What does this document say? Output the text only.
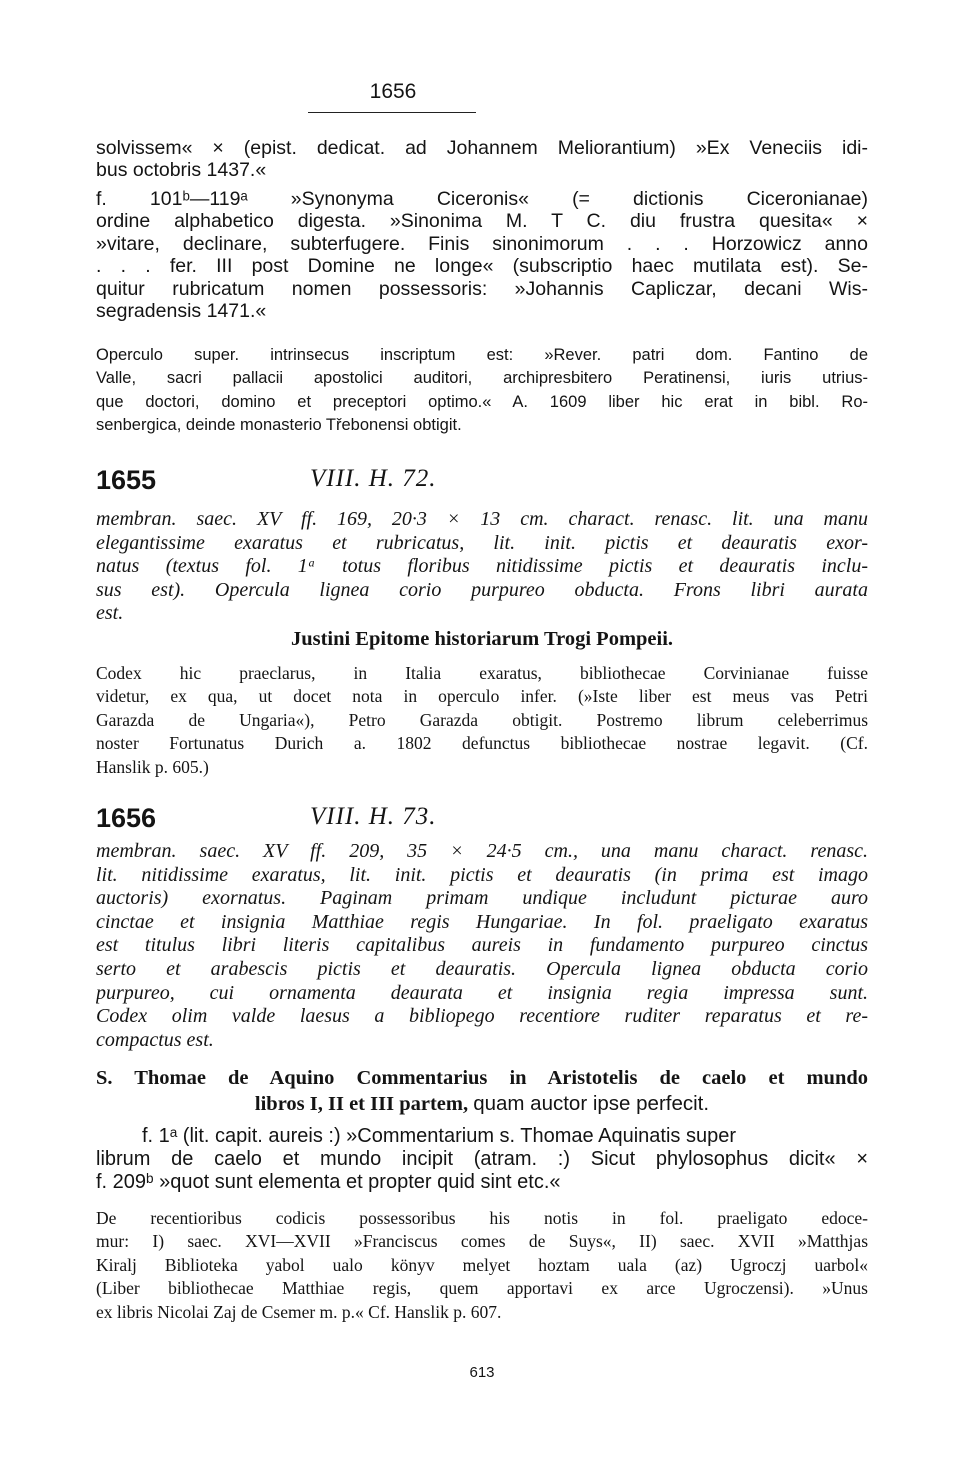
1656
solvissem« × (epist. dedicat. ad Johannem Meliorantium) »Ex Veneciis idi-
bus octobris 1437.«
f. 101ᵇ—119ᵃ »Synonyma Ciceronis« (= dictionis Ciceronianae)
ordine alphabetico digesta. »Sinonima M. T C. diu frustra quesita« ×
»vitare, declinare, subterfugere. Finis sinonimorum . . . Horzowicz anno
. . . fer. III post Domine ne longe« (subscriptio haec mutilata est). Se-
quitur rubricatum nomen possessoris: »Johannis Capliczar, decani Wis-
segradensis 1471.«
Operculo super. intrinsecus inscriptum est: »Rever. patri dom. Fantino de
Valle, sacri pallacii apostolici auditori, archipresbitero Peratinensi, iuris utrius-
que doctori, domino et preceptori optimo.« A. 1609 liber hic erat in bibl. Ro-
senbergica, deinde monasterio Třebonensi obtigit.
1655	VIII. H. 72.
membran. saec. XV ff. 169, 20·3 × 13 cm. charact. renasc. lit. una manu
elegantissime exaratus et rubricatus, lit. init. pictis et deauratis exor-
natus (textus fol. 1ᵃ totus floribus nitidissime pictis et deauratis inclu-
sus est). Opercula lignea corio purpureo obducta. Frons libri aurata
est.
Justini Epitome historiarum Trogi Pompeii.
Codex hic praeclarus, in Italia exaratus, bibliothecae Corvinianae fuisse
videtur, ex qua, ut docet nota in operculo infer. (»Iste liber est meus vas Petri
Garazda de Ungaria«), Petro Garazda obtigit. Postremo librum celeberrimus
noster Fortunatus Durich a. 1802 defunctus bibliothecae nostrae legavit. (Cf.
Hanslik p. 605.)
1656	VIII. H. 73.
membran. saec. XV ff. 209, 35 × 24·5 cm., una manu charact. renasc.
lit. nitidissime exaratus, lit. init. pictis et deauratis (in prima est imago
auctoris) exornatus. Paginam primam undique includunt picturae auro
cinctae et insignia Matthiae regis Hungariae. In fol. praeligato exaratus
est titulus libri literis capitalibus aureis in fundamento purpureo cinctus
serto et arabescis pictis et deauratis. Opercula lignea obducta corio
purpureo, cui ornamenta deaurata et insignia regia impressa sunt.
Codex olim valde laesus a bibliopego recentiore ruditer reparatus et re-
compactus est.
S. Thomae de Aquino Commentarius in Aristotelis de caelo et mundo
libros I, II et III partem, quam auctor ipse perfecit.
f. 1ᵃ (lit. capit. aureis :) »Commentarium s. Thomae Aquinatis super
librum de caelo et mundo incipit (atram. :) Sicut phylosophus dicit« ×
f. 209ᵇ »quot sunt elementa et propter quid sint etc.«
De recentioribus codicis possessoribus his notis in fol. praeligato edoce-
mur: I) saec. XVI—XVII »Franciscus comes de Suys«, II) saec. XVII »Matthjas
Kiralj Biblioteka yabol ualo könyv melyet hoztam uala (az) Ugroczj uarbol«
(Liber bibliothecae Matthiae regis, quem apportavi ex arce Ugroczensi). »Unus
ex libris Nicolai Zaj de Csemer m. p.« Cf. Hanslik p. 607.
613
